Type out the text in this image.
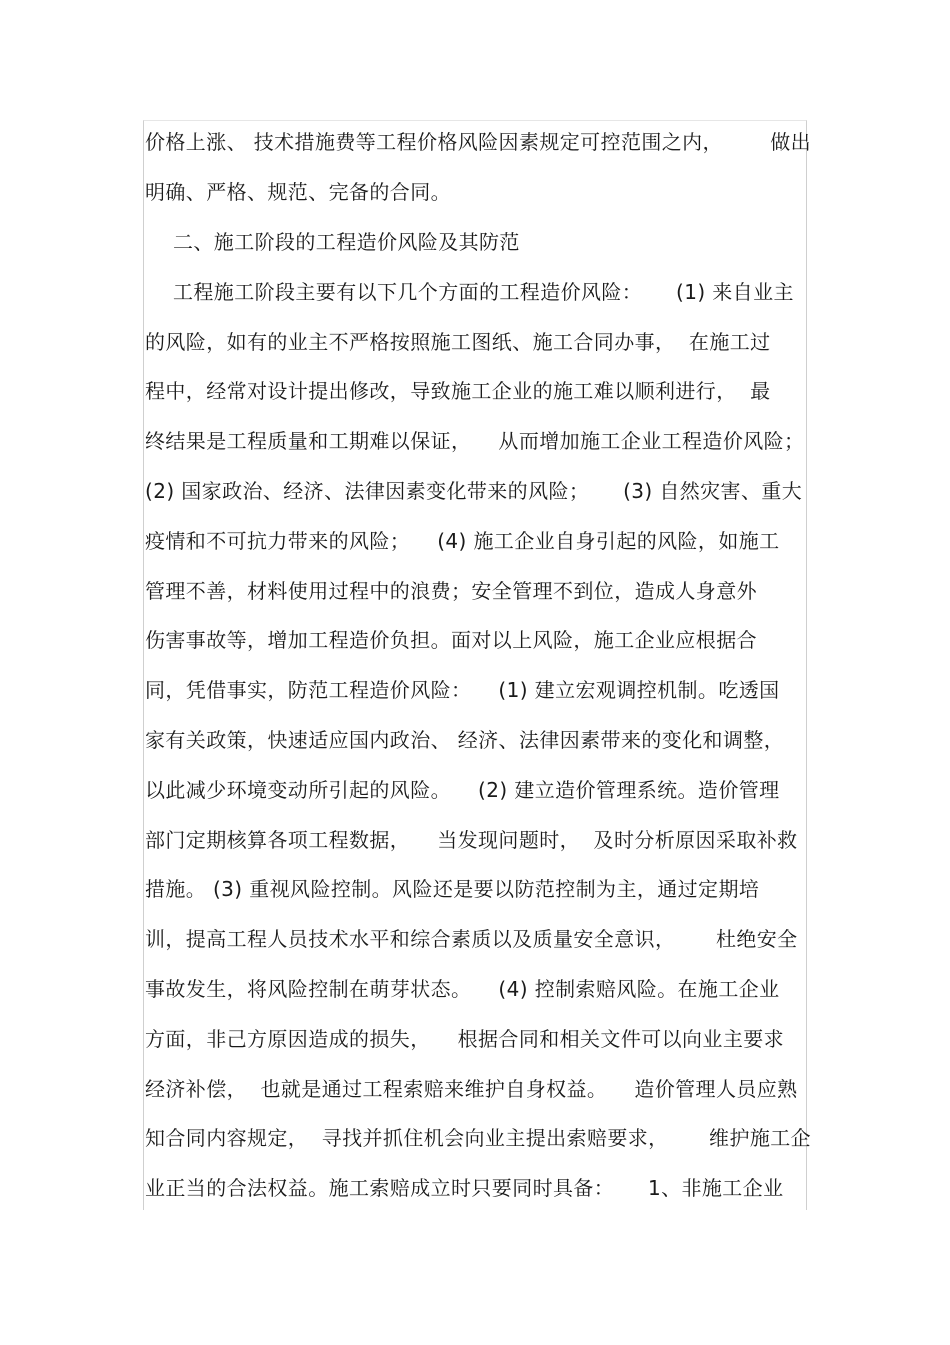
价格上涨、 技术措施费等工程价格风险因素规定可控范围之内，       做出
明确、严格、规范、完备的合同。
二、施工阶段的工程造价风险及其防范
工程施工阶段主要有以下几个方面的工程造价风险：     (1) 来自业主
的风险，如有的业主不严格按照施工图纸、施工合同办事，  在施工过
程中，经常对设计提出修改，导致施工企业的施工难以顺利进行，  最
终结果是工程质量和工期难以保证，    从而增加施工企业工程造价风险；
(2) 国家政治、经济、法律因素变化带来的风险；     (3) 自然灾害、重大
疫情和不可抗力带来的风险；    (4) 施工企业自身引起的风险，如施工
管理不善，材料使用过程中的浪费；安全管理不到位，造成人身意外
伤害事故等，增加工程造价负担。面对以上风险，施工企业应根据合
同，凭借事实，防范工程造价风险：    (1) 建立宏观调控机制。吃透国
家有关政策，快速适应国内政治、 经济、法律因素带来的变化和调整，
以此减少环境变动所引起的风险。    (2) 建立造价管理系统。造价管理
部门定期核算各项工程数据，    当发现问题时，  及时分析原因采取补救
措施。 (3) 重视风险控制。风险还是要以防范控制为主，通过定期培
训，提高工程人员技术水平和综合素质以及质量安全意识，      杜绝安全
事故发生，将风险控制在萌芽状态。    (4) 控制索赔风险。在施工企业
方面，非己方原因造成的损失，    根据合同和相关文件可以向业主要求
经济补偿，  也就是通过工程索赔来维护自身权益。    造价管理人员应熟
知合同内容规定，  寻找并抓住机会向业主提出索赔要求，      维护施工企
业正当的合法权益。施工索赔成立时只要同时具备：     1、非施工企业
